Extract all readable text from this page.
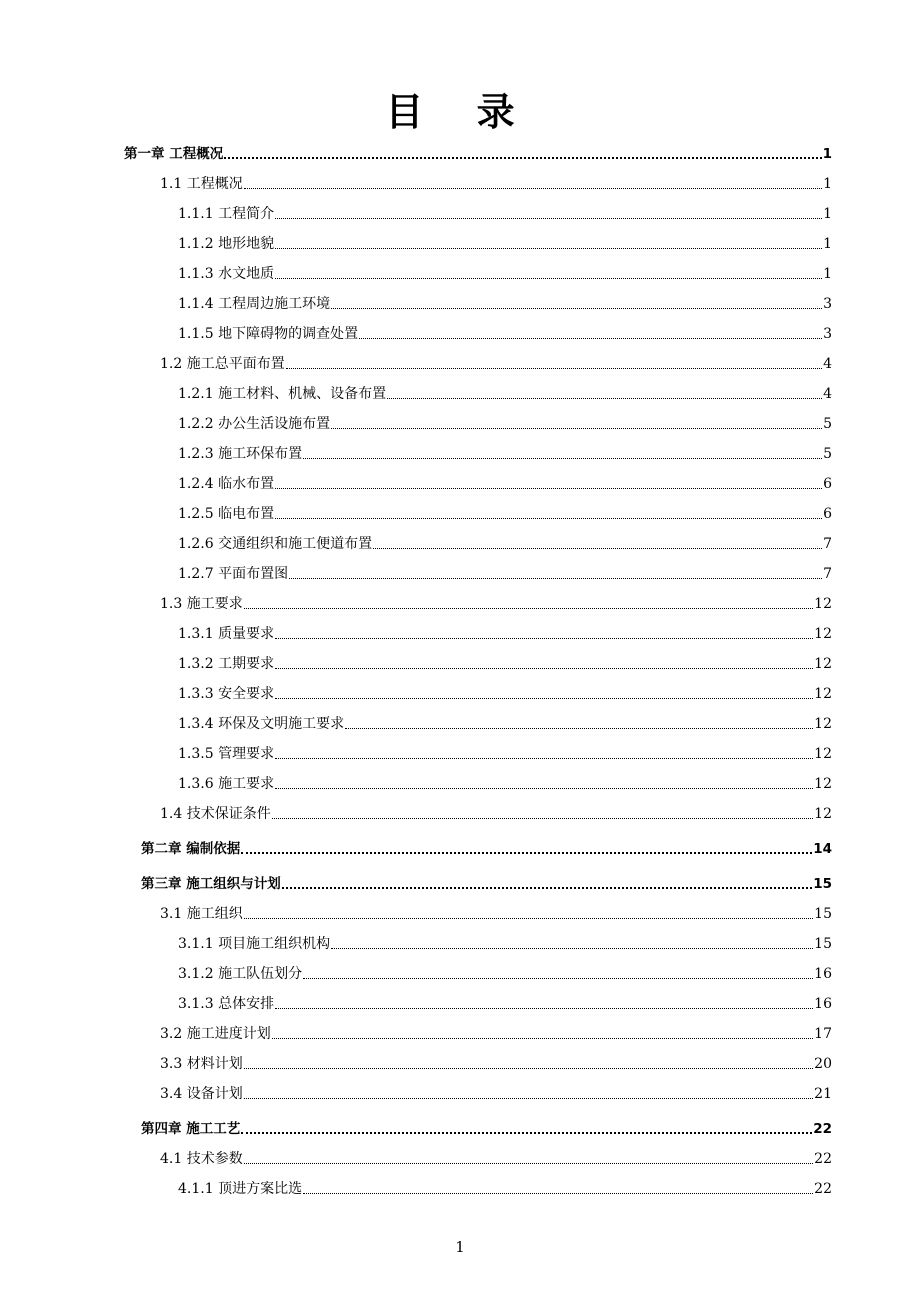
目 录
第一章 工程概况	1
1.1 工程概况	1
1.1.1 工程简介	1
1.1.2 地形地貌	1
1.1.3 水文地质	1
1.1.4 工程周边施工环境	3
1.1.5 地下障碍物的调查处置	3
1.2 施工总平面布置	4
1.2.1 施工材料、机械、设备布置	4
1.2.2 办公生活设施布置	5
1.2.3 施工环保布置	5
1.2.4 临水布置	6
1.2.5 临电布置	6
1.2.6 交通组织和施工便道布置	7
1.2.7 平面布置图	7
1.3 施工要求	12
1.3.1 质量要求	12
1.3.2 工期要求	12
1.3.3 安全要求	12
1.3.4 环保及文明施工要求	12
1.3.5 管理要求	12
1.3.6 施工要求	12
1.4 技术保证条件	12
第二章 编制依据	14
第三章 施工组织与计划	15
3.1 施工组织	15
3.1.1 项目施工组织机构	15
3.1.2 施工队伍划分	16
3.1.3 总体安排	16
3.2 施工进度计划	17
3.3 材料计划	20
3.4 设备计划	21
第四章 施工工艺	22
4.1 技术参数	22
4.1.1 顶进方案比选	22
1
